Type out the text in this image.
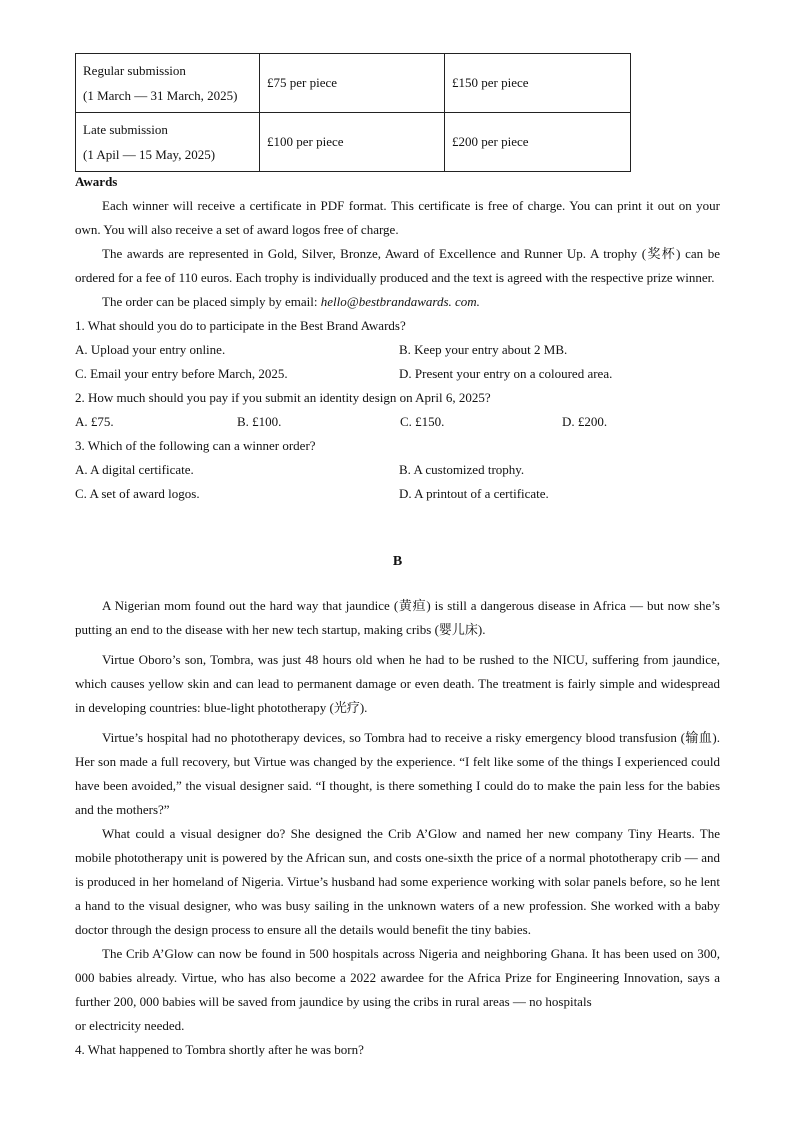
Regular submission
(1 March — 31 March, 2025)	£75 per piece	£150 per piece

Late submission
(1 Apil — 15 May, 2025)	£100 per piece	£200 per piece

Awards

Each winner will receive a certificate in PDF format. This certificate is free of charge. You can print it out on your own. You will also receive a set of award logos free of charge.

The awards are represented in Gold, Silver, Bronze, Award of Excellence and Runner Up. A trophy (奖杯) can be ordered for a fee of 110 euros. Each trophy is individually produced and the text is agreed with the respective prize winner.

The order can be placed simply by email: hello@bestbrandawards. com.

1. What should you do to participate in the Best Brand Awards?

A. Upload your entry online.	B. Keep your entry about 2 MB.
C. Email your entry before March, 2025.	D. Present your entry on a coloured area.

2. How much should you pay if you submit an identity design on April 6, 2025?

A. £75.	B. £100.	C. £150.	D. £200.

3. Which of the following can a winner order?

A. A digital certificate.	B. A customized trophy.
C. A set of award logos.	D. A printout of a certificate.

B

A Nigerian mom found out the hard way that jaundice (黄疸) is still a dangerous disease in Africa — but now she’s putting an end to the disease with her new tech startup, making cribs (婴儿床).

Virtue Oboro’s son, Tombra, was just 48 hours old when he had to be rushed to the NICU, suffering from jaundice, which causes yellow skin and can lead to permanent damage or even death. The treatment is fairly simple and widespread in developing countries: blue-light phototherapy (光疗).

Virtue’s hospital had no phototherapy devices, so Tombra had to receive a risky emergency blood transfusion (输血). Her son made a full recovery, but Virtue was changed by the experience. “I felt like some of the things I experienced could have been avoided,” the visual designer said. “I thought, is there something I could do to make the pain less for the babies and the mothers?”

What could a visual designer do? She designed the Crib A’Glow and named her new company Tiny Hearts. The mobile phototherapy unit is powered by the African sun, and costs one-sixth the price of a normal phototherapy crib — and is produced in her homeland of Nigeria. Virtue’s husband had some experience working with solar panels before, so he lent a hand to the visual designer, who was busy sailing in the unknown waters of a new profession. She worked with a baby doctor through the design process to ensure all the details would benefit the tiny babies.

The Crib A’Glow can now be found in 500 hospitals across Nigeria and neighboring Ghana. It has been used on 300, 000 babies already. Virtue, who has also become a 2022 awardee for the Africa Prize for Engineering Innovation, says a further 200, 000 babies will be saved from jaundice by using the cribs in rural areas — no hospitals

or electricity needed.

4. What happened to Tombra shortly after he was born?
